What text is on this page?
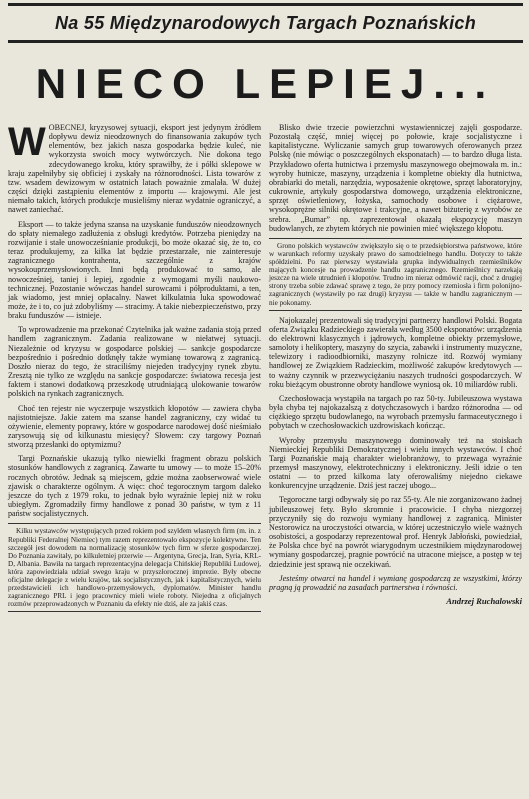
Na 55 Międzynarodowych Targach Poznańskich
NIECO LEPIEJ...

WOBECNEJ, kryzysowej sytuacji, eksport jest jedynym źródłem dopływu dewiz nieodzownych do finansowania zakupów tych elementów, bez jakich nasza gospodarka będzie kuleć, nie wykorzysta swoich mocy wytwórczych. Nie dokona tego zdecydowanego kroku, który sprawiłby, że i półki sklepowe w kraju zapełniłyby się obficiej i zyskały na różnorodności. Lista towarów z tzw. wsadem dewizowym w ostatnich latach poważnie zmalała. W dużej części dzięki zastąpieniu elementów z importu — krajowymi. Ale jest niemało takich, których produkcje musieliśmy nieraz wydatnie ograniczyć, a nawet zaniechać.

Eksport — to także jedyna szansa na uzyskanie funduszów nieodzownych do spłaty niemałego zadłużenia z obsługi kredytów. Potrzeba pieniędzy na rozwijanie i stałe unowocześnianie produkcji, bo może okazać się, że to, co teraz produkujemy, za kilka lat będzie przestarzałe, nie zainteresuje zagranicznego kontrahenta, szczególnie z krajów wysokouprzemysłowionych. Inni będą produkować to samo, ale nowocześniej, taniej i lepiej, zgodnie z wymogami myśli naukowo-technicznej. Pozostanie wówczas handel surowcami i półproduktami, a ten, jak wiadomo, jest mniej opłacalny. Nawet kilkulatnia luka spowodować może, że i to, co już zdobyliśmy — stracimy. A takie niebezpieczeństwo, przy braku funduszów — istnieje.

To wprowadzenie ma przekonać Czytelnika jak ważne zadania stoją przed handlem zagranicznym. Zadania realizowane w niełatwej sytuacji. Niezależnie od kryzysu w gospodarce polskiej — sankcje gospodarcze bezpośrednio i pośrednio dotknęły także wymianę towarową z zagranicą. Doszło nieraz do tego, że straciliśmy niejeden tradycyjny rynek zbytu. Zresztą nie tylko ze względu na sankcje gospodarcze: światowa recesja jest faktem i stanowi dodatkową przeszkodę utrudniającą ulokowanie towarów polskich na rynkach zagranicznych.

Choć ten rejestr nie wyczerpuje wszystkich kłopotów — zawiera chyba najistotniejsze. Jakie zatem ma szanse handel zagraniczny, czy widać tu ożywienie, elementy poprawy, które w gospodarce narodowej dość nieśmiało zarysowują się od kilkunastu miesięcy? Słowem: czy targowy Poznań stworzą przesłanki do optymizmu?

Targi Poznańskie ukazują tylko niewielki fragment obrazu polskich stosunków handlowych z zagranicą. Zawarte tu umowy — to może 15–20% rocznych obrotów. Jednak są miejscem, gdzie można zaobserwować wiele zjawisk o charakterze ogólnym. A więc: choć tegorocznym targom daleko jeszcze do tych z 1979 roku, to jednak było wyraźnie lepiej niż w roku ubiegłym. Zgromadziły firmy handlowe z ponad 30 państw, w tym z 11 państw socjalistycznych.

Kilku wystawców występujących przed rokiem pod szyldem własnych firm (m. in. z Republiki Federalnej Niemiec) tym razem reprezentowało ekspozycje kolektywne. Ten szczegół jest dowodem na normalizację stosunków tych firm w sferze gospodarczej. Do Poznania zawitały, po kilkuletniej przerwie — Argentyna, Grecja, Iran, Syria, KRL-D, Albania. Bawiła na targach reprezentacyjna delegacja Chińskiej Republiki Ludowej, która zapowiedziała udział swego kraju w przyszłorocznej imprezie. Były obecne oficjalne delegacje z wielu krajów, tak socjalistycznych, jak i kapitalistycznych, wielu przedstawicieli ich handlowo-przemysłowych, dyplomatów. Minister handlu zagranicznego PRL i jego pracownicy mieli wiele roboty. Niejedna z oficjalnych rozmów przeprowadzonych w Poznaniu da efekty nie dziś, ale za jakiś czas.

Blisko dwie trzecie powierzchni wystawienniczej zajęli gospodarze. Pozostałą część, mniej więcej po połowie, kraje socjalistyczne i kapitalistyczne. Wyliczanie samych grup towarowych oferowanych przez Polskę (nie mówiąc o poszczególnych eksponatach) — to bardzo długa lista. Przykładowo oferta hutnictwa i przemysłu maszynowego obejmowała m. in.: wyroby hutnicze, maszyny, urządzenia i kompletne obiekty dla hutnictwa, obrabiarki do metali, narzędzia, wyposażenie okrętowe, sprzęt laboratoryjny, cukrownie, artykuły gospodarstwa domowego, urządzenia elektroniczne, sprzęt oświetleniowy, łożyska, samochody osobowe i ciężarowe, wysokoprężne silniki okrętowe i trakcyjne, a nawet biżuterię z wyrobów ze srebra. „Bumar” np. zaprezentował okazałą ekspozycję maszyn budowlanych, ze zbytem których nie powinien mieć większego kłopotu.

Grono polskich wystawców zwiększyło się o te przedsiębiorstwa państwowe, które w warunkach reformy uzyskały prawo do samodzielnego handlu. Dotyczy to także spółdzielni. Po raz pierwszy wystawiała grupka indywidualnych rzemieślników mających koncesje na prowadzenie handlu zagranicznego. Rzemieślnicy narzekają jeszcze na wiele utrudnień i kłopotów. Trudno im nieraz odmówić racji, choć z drugiej strony trzeba sobie zdawać sprawę z tego, że przy pomocy rzemiosła i firm polonijno-zagranicznych (wystawiły po raz drugi) kryzysu — także w handlu zagranicznym — nie pokonamy.

Najokazalej prezentowali się tradycyjni partnerzy handlowi Polski. Bogata oferta Związku Radzieckiego zawierała według 3500 eksponatów: urządzenia do elektrowni klasycznych i jądrowych, kompletne obiekty przemysłowe, samoloty i helikoptery, maszyny do szycia, zabawki i instrumenty muzyczne, telewizory i radioodbiorniki, maszyny rolnicze itd. Rozwój wymiany handlowej ze Związkiem Radzieckim, możliwość zakupów kredytowych — to ważny czynnik w przezwyciężaniu naszych trudności gospodarczych. W roku bieżącym obustronne obroty handlowe wyniosą ok. 10 miliardów rubli.

Czechosłowacja wystąpiła na targach po raz 50-ty. Jubileuszowa wystawa była chyba tej najokazalszą z dotychczasowych i bardzo różnorodna — od ciężkiego sprzętu budowlanego, na wyrobach przemysłu farmaceutycznego i pobytach w czechosłowackich uzdrowiskach kończąc.

Wyroby przemysłu maszynowego dominowały też na stoiskach Niemieckiej Republiki Demokratycznej i wielu innych wystawców. I choć Targi Poznańskie mają charakter wielobranżowy, to przewaga wyraźnie przemysł maszynowy, elektrotechniczny i elektroniczny. Jeśli idzie o ten ostatni — to przed kilkoma laty oferowaliśmy niejedno ciekawe konkurencyjne urządzenie. Dziś jest raczej ubogo...

Tegoroczne targi odbywały się po raz 55-ty. Ale nie zorganizowano żadnej jubileuszowej fety. Było skromnie i pracowicie. I chyba niezgorzej przyczyniły się do rozwoju wymiany handlowej z zagranicą. Minister Nestorowicz na uroczystości otwarcia, w której uczestniczyło wiele ważnych osobistości, a gospodarzy reprezentował prof. Henryk Jabłoński, powiedział, że Polska chce być na powrót wiarygodnym uczestnikiem międzynarodowej wymiany gospodarczej, pragnie powrócić na utracone miejsce, a postęp w tej dziedzinie jest sprawą nie oczekiwań.

Jesteśmy otwarci na handel i wymianę gospodarczą ze wszystkimi, którzy pragną ją prowadzić na zasadach partnerstwa i równości.

Andrzej Ruchalowski
